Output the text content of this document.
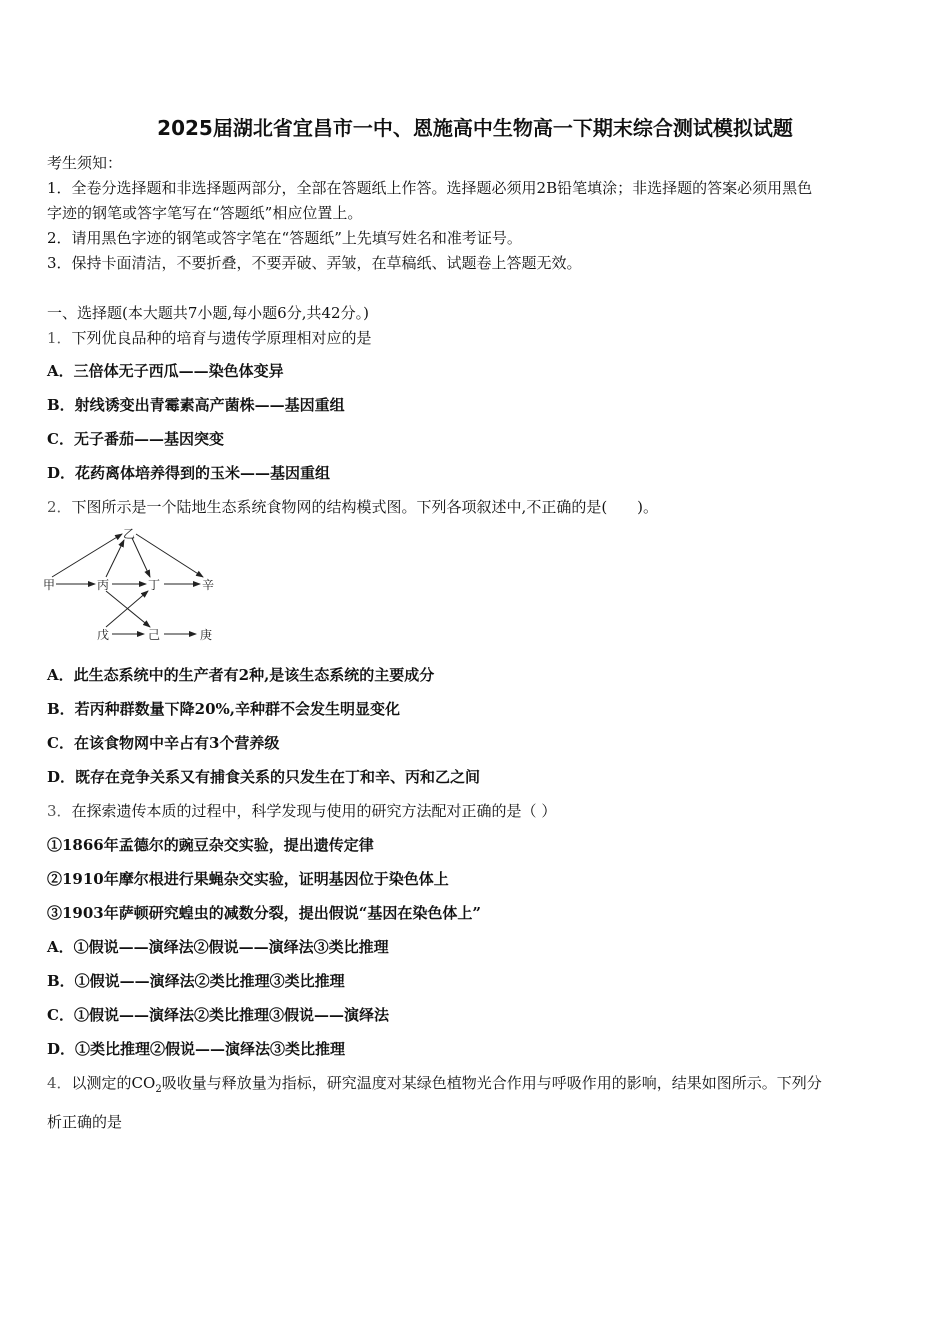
2025届湖北省宜昌市一中、恩施高中生物高一下期末综合测试模拟试题
考生须知：
1．全卷分选择题和非选择题两部分，全部在答题纸上作答。选择题必须用2B铅笔填涂；非选择题的答案必须用黑色
字迹的钢笔或答字笔写在“答题纸”相应位置上。
2．请用黑色字迹的钢笔或答字笔在“答题纸”上先填写姓名和准考证号。
3．保持卡面清洁，不要折叠，不要弄破、弄皱，在草稿纸、试题卷上答题无效。
一、选择题(本大题共7小题,每小题6分,共42分。)
1．下列优良品种的培育与遗传学原理相对应的是
A．三倍体无子西瓜——染色体变异
B．射线诱变出青霉素高产菌株——基因重组
C．无子番茄——基因突变
D．花药离体培养得到的玉米——基因重组
2．下图所示是一个陆地生态系统食物网的结构模式图。下列各项叙述中,不正确的是(　　)。
甲
乙
丙	丁	辛
戊	己	庚
A．此生态系统中的生产者有2种,是该生态系统的主要成分
B．若丙种群数量下降20%,辛种群不会发生明显变化
C．在该食物网中辛占有3个营养级
D．既存在竞争关系又有捕食关系的只发生在丁和辛、丙和乙之间
3．在探索遗传本质的过程中，科学发现与使用的研究方法配对正确的是（ ）
①1866年孟德尔的豌豆杂交实验，提出遗传定律
②1910年摩尔根进行果蝇杂交实验，证明基因位于染色体上
③1903年萨顿研究蝗虫的减数分裂，提出假说“基因在染色体上”
A．①假说——演绎法②假说——演绎法③类比推理
B．①假说——演绎法②类比推理③类比推理
C．①假说——演绎法②类比推理③假说——演绎法
D．①类比推理②假说——演绎法③类比推理
4．以测定的$CO_2$吸收量与释放量为指标，研究温度对某绿色植物光合作用与呼吸作用的影响，结果如图所示。下列分
析正确的是
